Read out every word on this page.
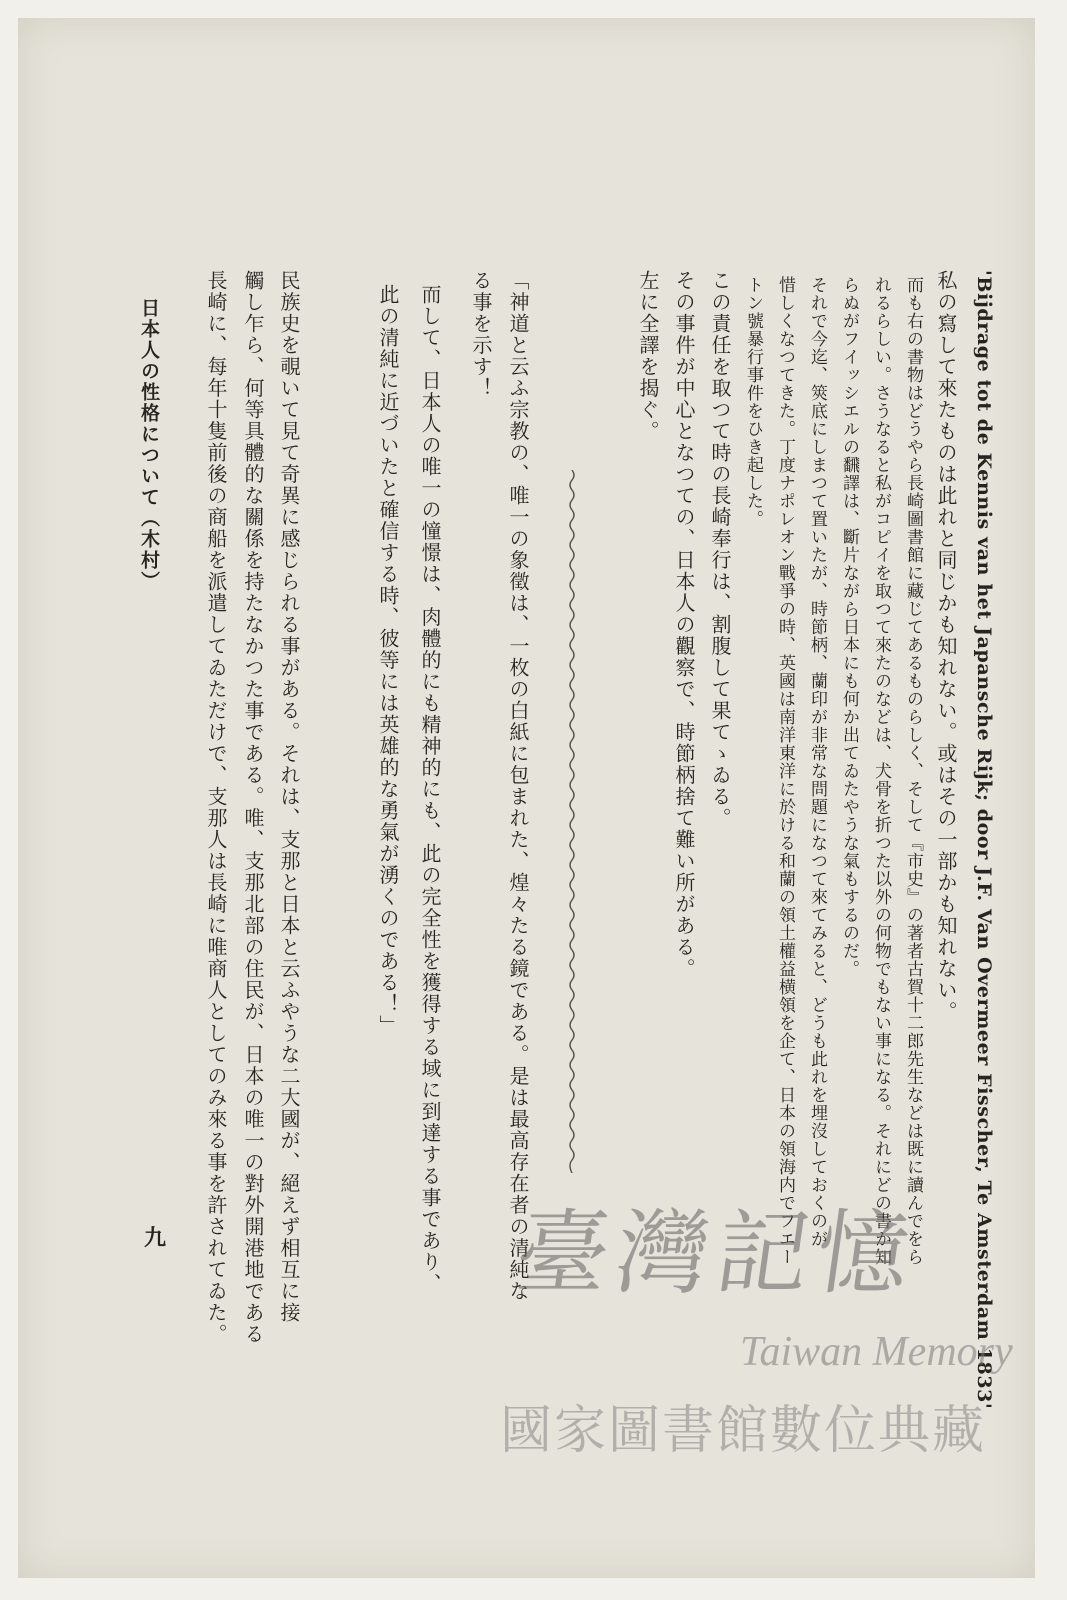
'Bijdrage tot de Kennis van het Japansche Rijk; door J.F. Van Overmeer Fisscher, Te Amsterdam 1833'
私の寫して來たものは此れと同じかも知れない。或はその一部かも知れない。
而も右の書物はどうやら長崎圖書館に藏じてあるものらしく、そして『市史』の著者古賀十二郎先生などは既に讀んでをら
れるらしい。さうなると私がコピイを取つて來たのなどは、犬骨を折つた以外の何物でもない事になる。それにどの書か知
らぬがフイッシエルの飜譯は、斷片ながら日本にも何か出てゐたやうな氣もするのだ。
それで今迄、筴底にしまつて置いたが、時節柄、蘭印が非常な問題になつて來てみると、どうも此れを埋沒しておくのが
惜しくなつてきた。丁度ナポレオン戰爭の時、英國は南洋東洋に於ける和蘭の領土權益横領を企て、日本の領海内でフエー
トン號暴行事件をひき起した。
この責任を取つて時の長崎奉行は、割腹して果てゝゐる。
その事件が中心となつての、日本人の觀察で、時節柄捨て難い所がある。
左に全譯を揭ぐ。
「神道と云ふ宗教の、唯一の象徵は、一枚の白紙に包まれた、煌々たる鏡である。是は最高存在者の清純な
る事を示す！
而して、日本人の唯一の憧憬は、肉體的にも精神的にも、此の完全性を獲得する域に到達する事であり、
此の清純に近づいたと確信する時、彼等には英雄的な勇氣が湧くのである！」
民族史を覗いて見て奇異に感じられる事がある。それは、支那と日本と云ふやうな二大國が、絕えず相互に接
觸し乍ら、何等具體的な關係を持たなかつた事である。唯、支那北部の住民が、日本の唯一の對外開港地である
長崎に、每年十隻前後の商船を派遣してゐただけで、支那人は長崎に唯商人としてのみ來る事を許されてゐた。
日本人の性格について（木村）
九	臺灣記憶
Taiwan Memory
國家圖書館數位典藏
